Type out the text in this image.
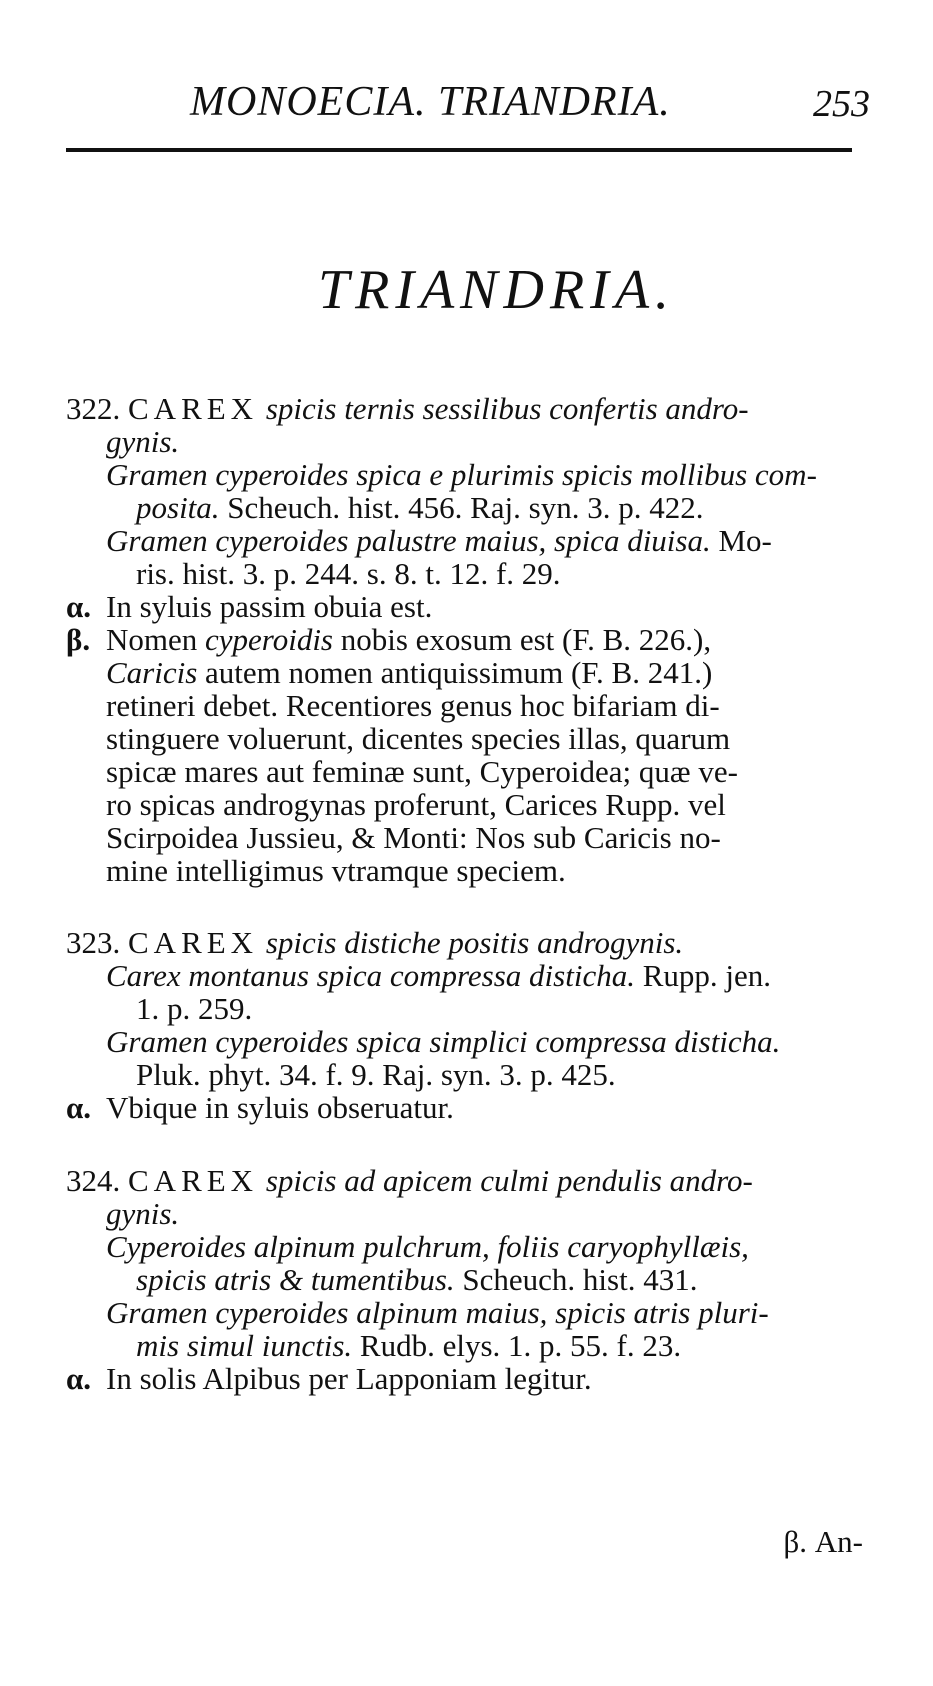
MONOECIA. TRIANDRIA.	253
TRIANDRIA.
322. CAREX spicis ternis sessilibus confertis andro-
gynis.
Gramen cyperoides spica e plurimis spicis mollibus com-
posita. Scheuch. hist. 456. Raj. syn. 3. p. 422.
Gramen cyperoides palustre maius, spica diuisa. Mo-
ris. hist. 3. p. 244. s. 8. t. 12. f. 29.
α. In syluis passim obuia est.
β. Nomen cyperoidis nobis exosum est (F. B. 226.),
Caricis autem nomen antiquissimum (F. B. 241.)
retineri debet. Recentiores genus hoc bifariam di-
stinguere voluerunt, dicentes species illas, quarum
spicæ mares aut feminæ sunt, Cyperoidea; quæ ve-
ro spicas androgynas proferunt, Carices Rupp. vel
Scirpoidea Jussieu, & Monti: Nos sub Caricis no-
mine intelligimus vtramque speciem.
323. CAREX spicis distiche positis androgynis.
Carex montanus spica compressa disticha. Rupp. jen.
1. p. 259.
Gramen cyperoides spica simplici compressa disticha.
Pluk. phyt. 34. f. 9. Raj. syn. 3. p. 425.
α. Vbique in syluis obseruatur.
324. CAREX spicis ad apicem culmi pendulis andro-
gynis.
Cyperoides alpinum pulchrum, foliis caryophyllæis,
spicis atris & tumentibus. Scheuch. hist. 431.
Gramen cyperoides alpinum maius, spicis atris pluri-
mis simul iunctis. Rudb. elys. 1. p. 55. f. 23.
α. In solis Alpibus per Lapponiam legitur.
β. An-
